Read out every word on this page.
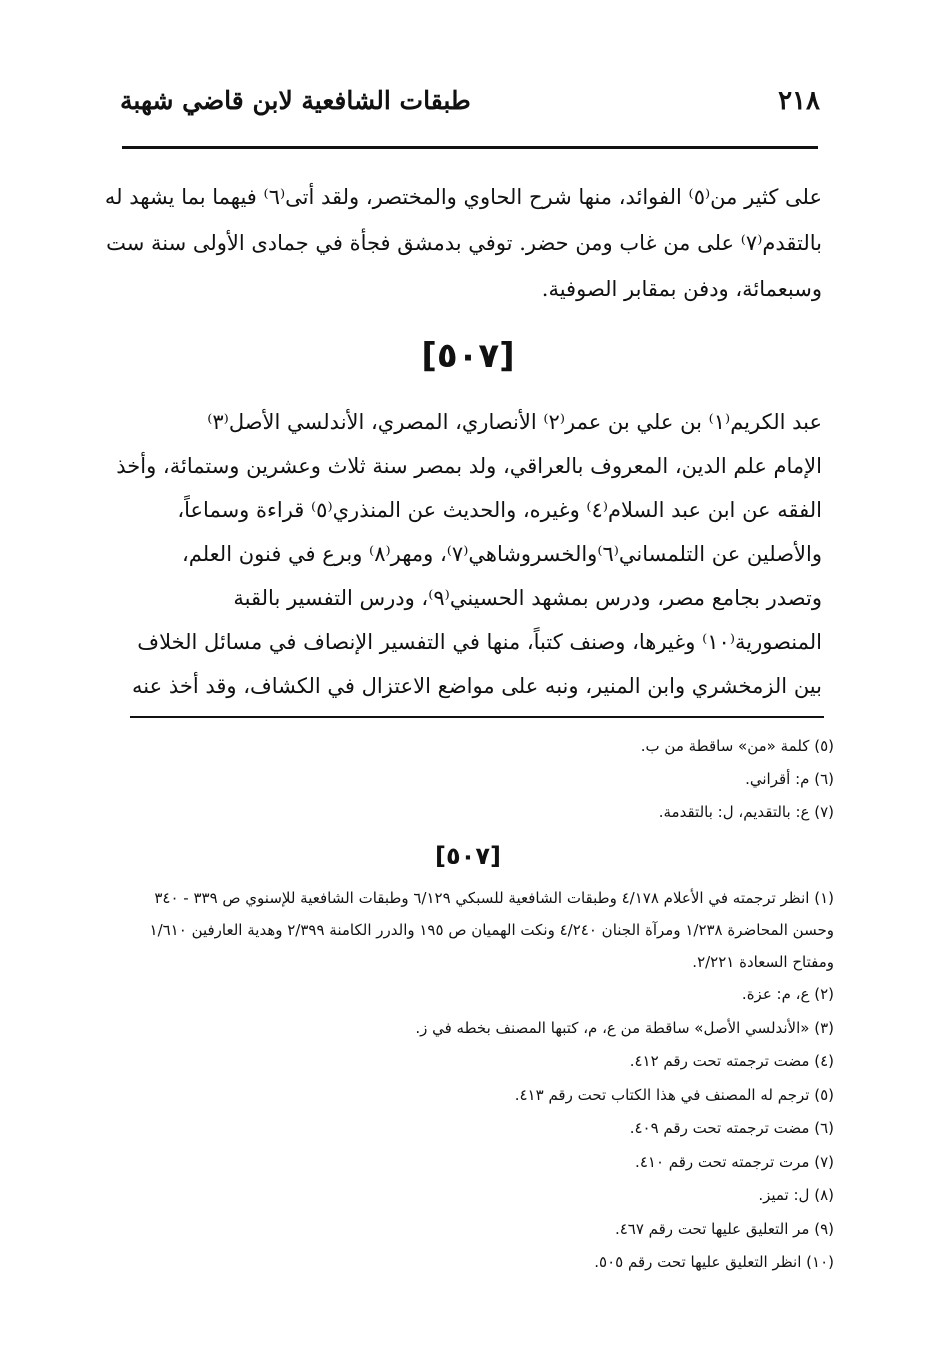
٢١٨
طبقات الشافعية لابن قاضي شهبة
على كثير من⁽٥⁾ الفوائد، منها شرح الحاوي والمختصر، ولقد أتى⁽٦⁾ فيهما بما يشهد له
بالتقدم⁽٧⁾ على من غاب ومن حضر. توفي بدمشق فجأة في جمادى الأولى سنة ست
وسبعمائة، ودفن بمقابر الصوفية.
[٥٠٧]
عبد الكريم⁽١⁾ بن علي بن عمر⁽٢⁾ الأنصاري، المصري، الأندلسي الأصل⁽٣⁾
الإمام علم الدين، المعروف بالعراقي، ولد بمصر سنة ثلاث وعشرين وستمائة، وأخذ
الفقه عن ابن عبد السلام⁽٤⁾ وغيره، والحديث عن المنذري⁽٥⁾ قراءة وسماعاً،
والأصلين عن التلمساني⁽٦⁾والخسروشاهي⁽٧⁾، ومهر⁽٨⁾ وبرع في فنون العلم،
وتصدر بجامع مصر، ودرس بمشهد الحسيني⁽٩⁾، ودرس التفسير بالقبة
المنصورية⁽١٠⁾ وغيرها، وصنف كتباً، منها في التفسير الإنصاف في مسائل الخلاف
بين الزمخشري وابن المنير، ونبه على مواضع الاعتزال في الكشاف، وقد أخذ عنه
(٥) كلمة «من» ساقطة من ب.
(٦) م: أقراني.
(٧) ع: بالتقديم، ل: بالتقدمة.
[٥٠٧]
(١) انظر ترجمته في الأعلام ٤/١٧٨ وطبقات الشافعية للسبكي ٦/١٢٩ وطبقات الشافعية للإسنوي ص ٣٣٩ - ٣٤٠ وحسن المحاضرة ١/٢٣٨ ومرآة الجنان ٤/٢٤٠ ونكت الهميان ص ١٩٥ والدرر الكامنة ٢/٣٩٩ وهدية العارفين ١/٦١٠ ومفتاح السعادة ٢/٢٢١.
(٢) ع، م: عزة.
(٣) «الأندلسي الأصل» ساقطة من ع، م، كتبها المصنف بخطه في ز.
(٤) مضت ترجمته تحت رقم ٤١٢.
(٥) ترجم له المصنف في هذا الكتاب تحت رقم ٤١٣.
(٦) مضت ترجمته تحت رقم ٤٠٩.
(٧) مرت ترجمته تحت رقم ٤١٠.
(٨) ل: تميز.
(٩) مر التعليق عليها تحت رقم ٤٦٧.
(١٠) انظر التعليق عليها تحت رقم ٥٠٥.
